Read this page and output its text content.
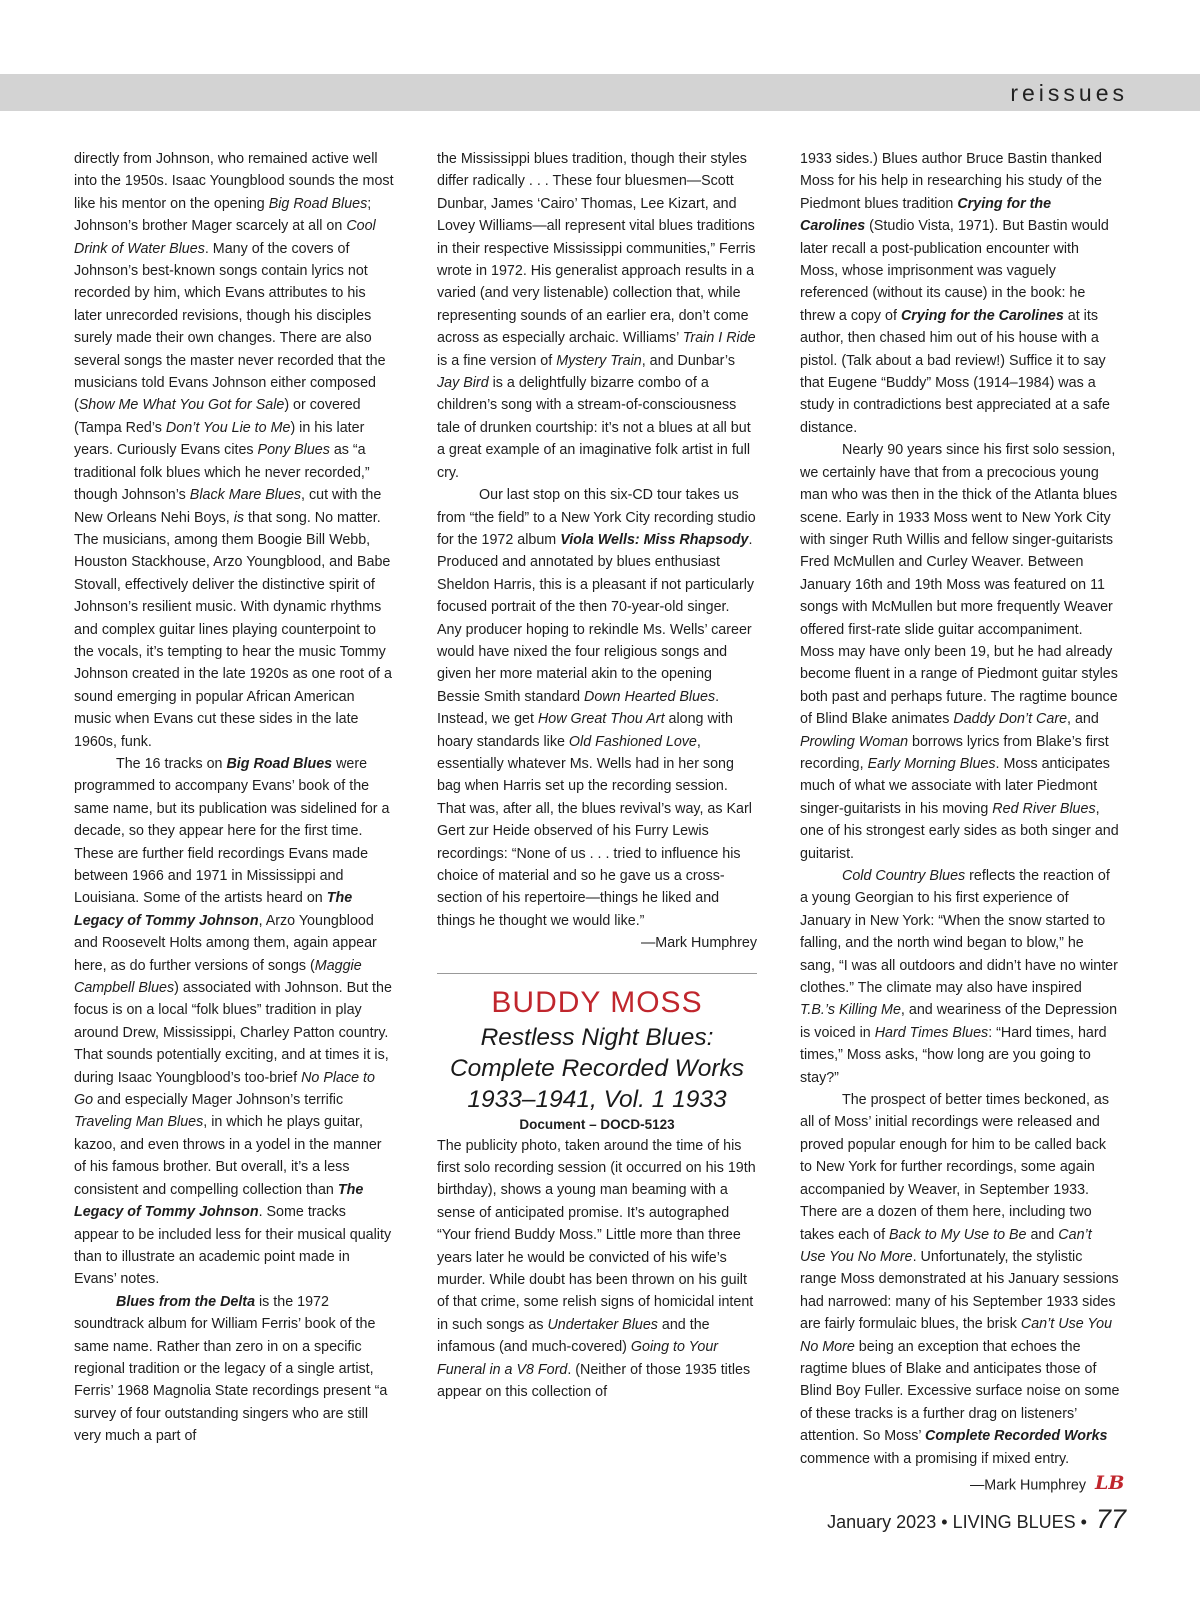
reissues

directly from Johnson, who remained active well into the 1950s. Isaac Youngblood sounds the most like his mentor on the opening Big Road Blues; Johnson’s brother Mager scarcely at all on Cool Drink of Water Blues. Many of the covers of Johnson’s best-known songs contain lyrics not recorded by him, which Evans attributes to his later unrecorded revisions, though his disciples surely made their own changes. There are also several songs the master never recorded that the musicians told Evans Johnson either composed (Show Me What You Got for Sale) or covered (Tampa Red’s Don’t You Lie to Me) in his later years. Curiously Evans cites Pony Blues as “a traditional folk blues which he never recorded,” though Johnson’s Black Mare Blues, cut with the New Orleans Nehi Boys, is that song. No matter. The musicians, among them Boogie Bill Webb, Houston Stackhouse, Arzo Youngblood, and Babe Stovall, effectively deliver the distinctive spirit of Johnson’s resilient music. With dynamic rhythms and complex guitar lines playing counterpoint to the vocals, it’s tempting to hear the music Tommy Johnson created in the late 1920s as one root of a sound emerging in popular African American music when Evans cut these sides in the late 1960s, funk.

The 16 tracks on Big Road Blues were programmed to accompany Evans’ book of the same name, but its publication was sidelined for a decade, so they appear here for the first time. These are further field recordings Evans made between 1966 and 1971 in Mississippi and Louisiana. Some of the artists heard on The Legacy of Tommy Johnson, Arzo Youngblood and Roosevelt Holts among them, again appear here, as do further versions of songs (Maggie Campbell Blues) associated with Johnson. But the focus is on a local “folk blues” tradition in play around Drew, Mississippi, Charley Patton country. That sounds potentially exciting, and at times it is, during Isaac Youngblood’s too-brief No Place to Go and especially Mager Johnson’s terrific Traveling Man Blues, in which he plays guitar, kazoo, and even throws in a yodel in the manner of his famous brother. But overall, it’s a less consistent and compelling collection than The Legacy of Tommy Johnson. Some tracks appear to be included less for their musical quality than to illustrate an academic point made in Evans’ notes.

Blues from the Delta is the 1972 soundtrack album for William Ferris’ book of the same name. Rather than zero in on a specific regional tradition or the legacy of a single artist, Ferris’ 1968 Magnolia State recordings present “a survey of four outstanding singers who are still very much a part of

the Mississippi blues tradition, though their styles differ radically . . . These four bluesmen—Scott Dunbar, James ‘Cairo’ Thomas, Lee Kizart, and Lovey Williams—all represent vital blues traditions in their respective Mississippi communities,” Ferris wrote in 1972. His generalist approach results in a varied (and very listenable) collection that, while representing sounds of an earlier era, don’t come across as especially archaic. Williams’ Train I Ride is a fine version of Mystery Train, and Dunbar’s Jay Bird is a delightfully bizarre combo of a children’s song with a stream-of-consciousness tale of drunken courtship: it’s not a blues at all but a great example of an imaginative folk artist in full cry.

Our last stop on this six-CD tour takes us from “the field” to a New York City recording studio for the 1972 album Viola Wells: Miss Rhapsody. Produced and annotated by blues enthusiast Sheldon Harris, this is a pleasant if not particularly focused portrait of the then 70-year-old singer. Any producer hoping to rekindle Ms. Wells’ career would have nixed the four religious songs and given her more material akin to the opening Bessie Smith standard Down Hearted Blues. Instead, we get How Great Thou Art along with hoary standards like Old Fashioned Love, essentially whatever Ms. Wells had in her song bag when Harris set up the recording session. That was, after all, the blues revival’s way, as Karl Gert zur Heide observed of his Furry Lewis recordings: “None of us . . . tried to influence his choice of material and so he gave us a cross-section of his repertoire—things he liked and things he thought we would like.”

—Mark Humphrey

BUDDY MOSS

Restless Night Blues: Complete Recorded Works 1933–1941, Vol. 1 1933

Document – DOCD-5123

The publicity photo, taken around the time of his first solo recording session (it occurred on his 19th birthday), shows a young man beaming with a sense of anticipated promise. It’s autographed “Your friend Buddy Moss.” Little more than three years later he would be convicted of his wife’s murder. While doubt has been thrown on his guilt of that crime, some relish signs of homicidal intent in such songs as Undertaker Blues and the infamous (and much-covered) Going to Your Funeral in a V8 Ford. (Neither of those 1935 titles appear on this collection of

1933 sides.) Blues author Bruce Bastin thanked Moss for his help in researching his study of the Piedmont blues tradition Crying for the Carolines (Studio Vista, 1971). But Bastin would later recall a post-publication encounter with Moss, whose imprisonment was vaguely referenced (without its cause) in the book: he threw a copy of Crying for the Carolines at its author, then chased him out of his house with a pistol. (Talk about a bad review!) Suffice it to say that Eugene “Buddy” Moss (1914–1984) was a study in contradictions best appreciated at a safe distance.

Nearly 90 years since his first solo session, we certainly have that from a precocious young man who was then in the thick of the Atlanta blues scene. Early in 1933 Moss went to New York City with singer Ruth Willis and fellow singer-guitarists Fred McMullen and Curley Weaver. Between January 16th and 19th Moss was featured on 11 songs with McMullen but more frequently Weaver offered first-rate slide guitar accompaniment. Moss may have only been 19, but he had already become fluent in a range of Piedmont guitar styles both past and perhaps future. The ragtime bounce of Blind Blake animates Daddy Don’t Care, and Prowling Woman borrows lyrics from Blake’s first recording, Early Morning Blues. Moss anticipates much of what we associate with later Piedmont singer-guitarists in his moving Red River Blues, one of his strongest early sides as both singer and guitarist.

Cold Country Blues reflects the reaction of a young Georgian to his first experience of January in New York: “When the snow started to falling, and the north wind began to blow,” he sang, “I was all outdoors and didn’t have no winter clothes.” The climate may also have inspired T.B.’s Killing Me, and weariness of the Depression is voiced in Hard Times Blues: “Hard times, hard times,” Moss asks, “how long are you going to stay?”

The prospect of better times beckoned, as all of Moss’ initial recordings were released and proved popular enough for him to be called back to New York for further recordings, some again accompanied by Weaver, in September 1933. There are a dozen of them here, including two takes each of Back to My Use to Be and Can’t Use You No More. Unfortunately, the stylistic range Moss demonstrated at his January sessions had narrowed: many of his September 1933 sides are fairly formulaic blues, the brisk Can’t Use You No More being an exception that echoes the ragtime blues of Blake and anticipates those of Blind Boy Fuller. Excessive surface noise on some of these tracks is a further drag on listeners’ attention. So Moss’ Complete Recorded Works commence with a promising if mixed entry.

—Mark Humphrey LB

January 2023 • LIVING BLUES • 77
